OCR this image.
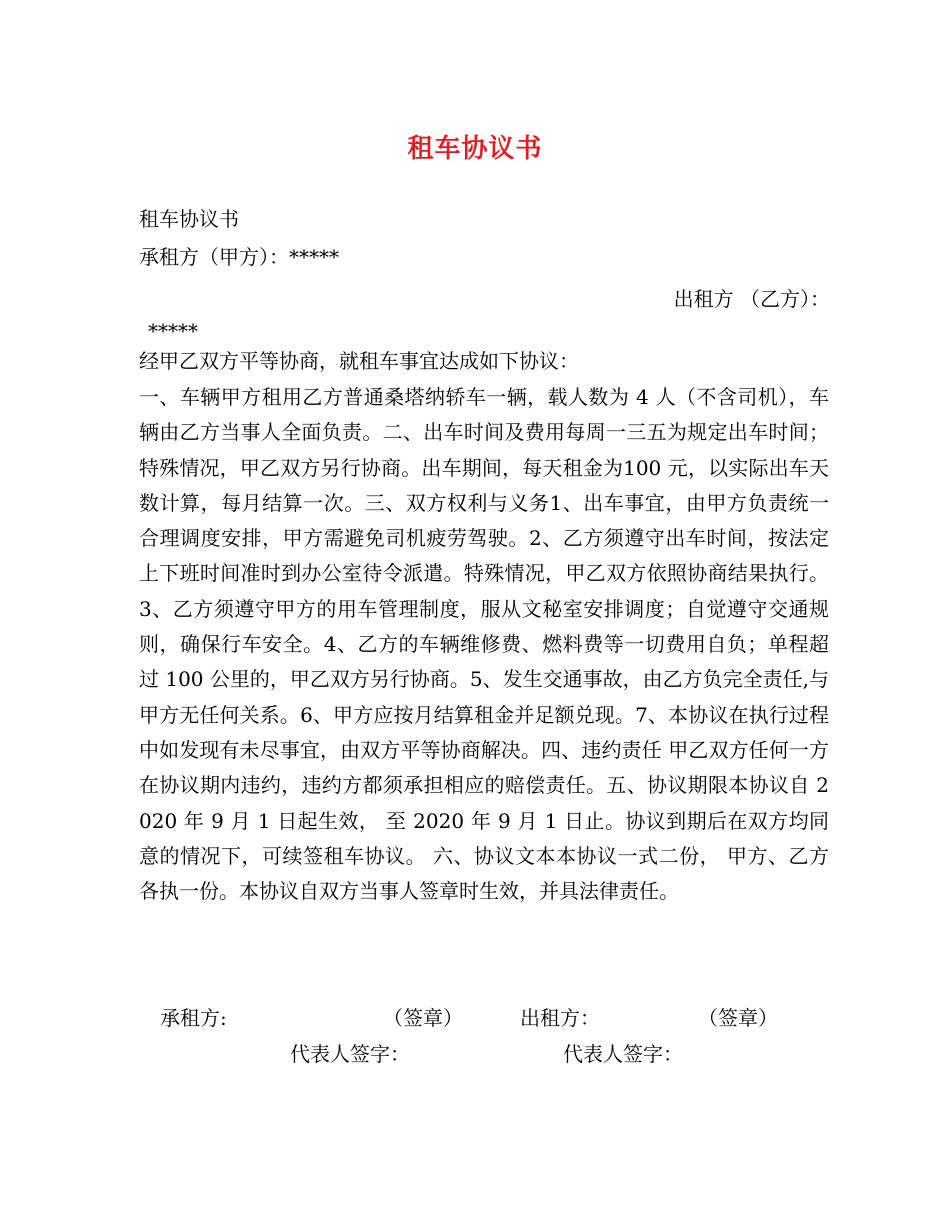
租车协议书
租车协议书
承租方（甲方）：*****
出租方 （乙方）：
*****
经甲乙双方平等协商，就租车事宜达成如下协议：
一、车辆甲方租用乙方普通桑塔纳轿车一辆，载人数为 4 人（不含司机），车辆由乙方当事人全面负责。二、出车时间及费用每周一三五为规定出车时间；特殊情况，甲乙双方另行协商。出车期间，每天租金为100 元，以实际出车天数计算，每月结算一次。三、双方权利与义务1、出车事宜，由甲方负责统一合理调度安排，甲方需避免司机疲劳驾驶。2、乙方须遵守出车时间，按法定上下班时间准时到办公室待令派遣。特殊情况，甲乙双方依照协商结果执行。3、乙方须遵守甲方的用车管理制度，服从文秘室安排调度；自觉遵守交通规则，确保行车安全。4、乙方的车辆维修费、燃料费等一切费用自负；单程超过 100 公里的，甲乙双方另行协商。5、发生交通事故，由乙方负完全责任,与甲方无任何关系。6、甲方应按月结算租金并足额兑现。7、本协议在执行过程中如发现有未尽事宜，由双方平等协商解决。四、违约责任 甲乙双方任何一方在协议期内违约，违约方都须承担相应的赔偿责任。五、协议期限本协议自 2020 年 9 月 1 日起生效， 至 2020 年 9 月 1 日止。协议到期后在双方均同意的情况下，可续签租车协议。 六、协议文本本协议一式二份， 甲方、乙方各执一份。本协议自双方当事人签章时生效，并具法律责任。
承租方:	（签章）	出租方：	（签章）
代表人签字：	代表人签字：
